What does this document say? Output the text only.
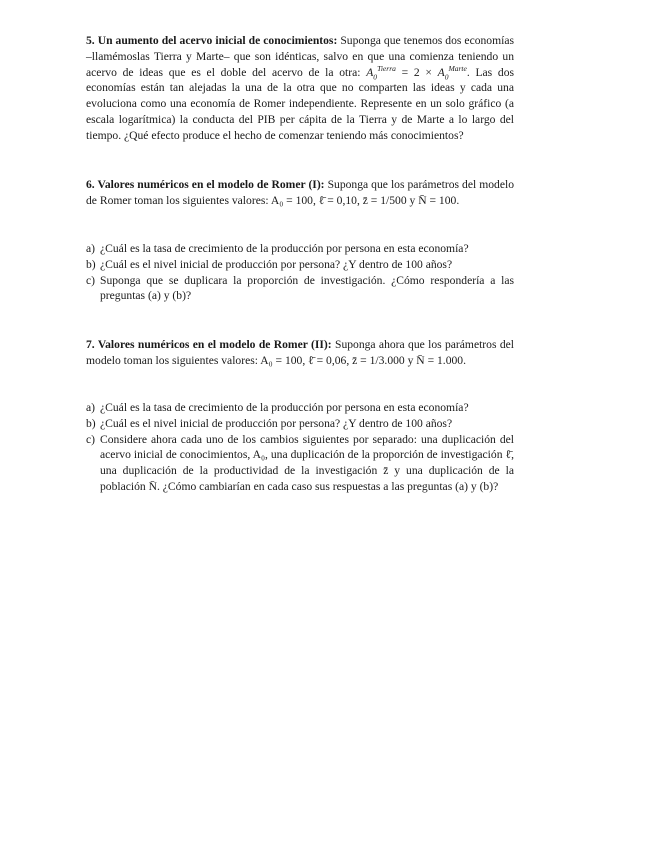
5. Un aumento del acervo inicial de conocimientos: Suponga que tenemos dos economías –llamémoslas Tierra y Marte– que son idénticas, salvo en que una comienza teniendo un acervo de ideas que es el doble del acervo de la otra: $A_0^{Tierra} = 2 \times A_0^{Marte}$. Las dos economías están tan alejadas la una de la otra que no comparten las ideas y cada una evoluciona como una economía de Romer independiente. Represente en un solo gráfico (a escala logarítmica) la conducta del PIB per cápita de la Tierra y de Marte a lo largo del tiempo. ¿Qué efecto produce el hecho de comenzar teniendo más conocimientos?

6. Valores numéricos en el modelo de Romer (I): Suponga que los parámetros del modelo de Romer toman los siguientes valores: A₀ = 100, ℓ̄ = 0,10, z̄ = 1/500 y N̄ = 100.

a) ¿Cuál es la tasa de crecimiento de la producción por persona en esta economía?
b) ¿Cuál es el nivel inicial de producción por persona? ¿Y dentro de 100 años?
c) Suponga que se duplicara la proporción de investigación. ¿Cómo respondería a las preguntas (a) y (b)?

7. Valores numéricos en el modelo de Romer (II): Suponga ahora que los parámetros del modelo toman los siguientes valores: A₀ = 100, ℓ̄ = 0,06, z̄ = 1/3.000 y N̄ = 1.000.

a) ¿Cuál es la tasa de crecimiento de la producción por persona en esta economía?
b) ¿Cuál es el nivel inicial de producción por persona? ¿Y dentro de 100 años?
c) Considere ahora cada uno de los cambios siguientes por separado: una duplicación del acervo inicial de conocimientos, A₀, una duplicación de la proporción de investigación ℓ̄, una duplicación de la productividad de la investigación z̄ y una duplicación de la población N̄. ¿Cómo cambiarían en cada caso sus respuestas a las preguntas (a) y (b)?
